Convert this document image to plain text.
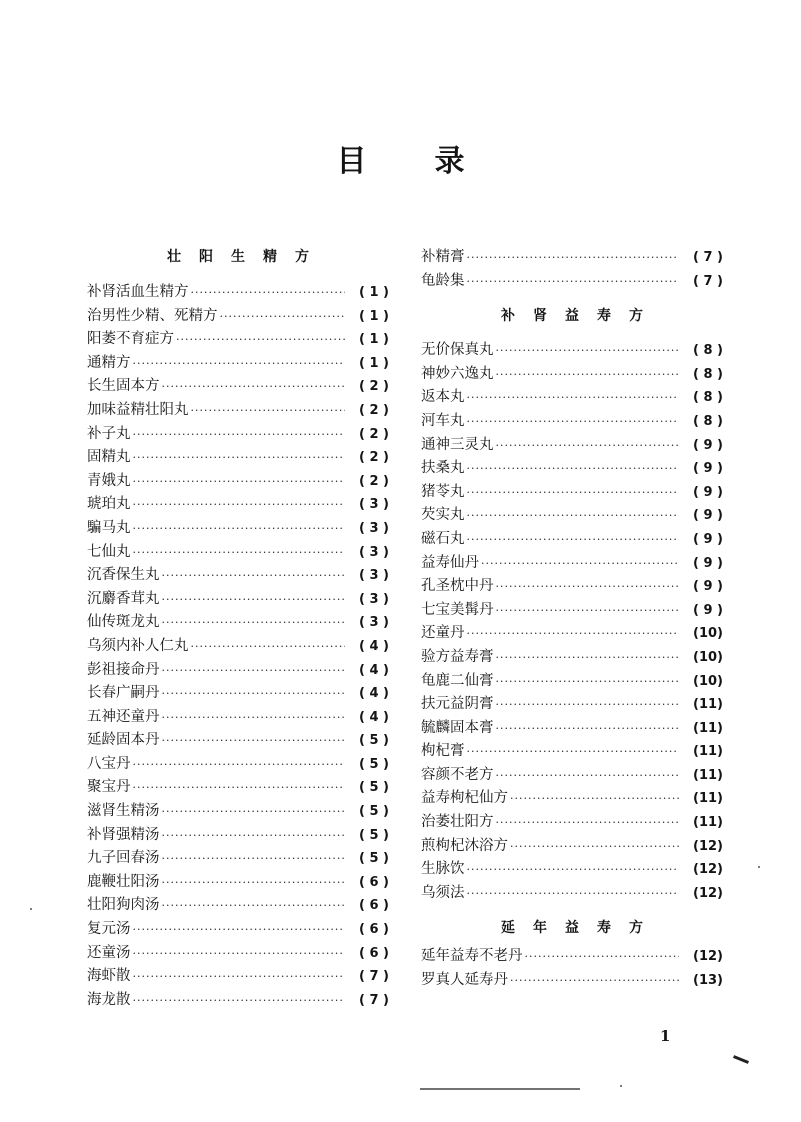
目 录
壮阳生精方
补肾活血生精方 ·····	( 1 )
治男性少精、死精方 ·····	( 1 )
阳萎不育症方 ·····	( 1 )
通精方 ·····	( 1 )
长生固本方 ·····	( 2 )
加味益精壮阳丸 ·····	( 2 )
补子丸 ·····	( 2 )
固精丸 ·····	( 2 )
青娥丸 ·····	( 2 )
琥珀丸 ·····	( 3 )
騙马丸 ·····	( 3 )
七仙丸 ·····	( 3 )
沉香保生丸 ·····	( 3 )
沉麝香茸丸 ·····	( 3 )
仙传斑龙丸 ·····	( 3 )
乌须内补人仁丸 ·····	( 4 )
彭祖接命丹 ·····	( 4 )
长春广嗣丹 ·····	( 4 )
五神还童丹 ·····	( 4 )
延龄固本丹 ·····	( 5 )
八宝丹 ·····	( 5 )
聚宝丹 ·····	( 5 )
滋肾生精汤 ·····	( 5 )
补肾强精汤 ·····	( 5 )
九子回春汤 ·····	( 5 )
鹿鞭壮阳汤 ·····	( 6 )
壮阳狗肉汤 ·····	( 6 )
复元汤 ·····	( 6 )
还童汤 ·····	( 6 )
海虾散 ·····	( 7 )
海龙散 ·····	( 7 )
补精膏 ·····	( 7 )
龟龄集 ·····	( 7 )
补肾益寿方
无价保真丸 ·····	( 8 )
神妙六逸丸 ·····	( 8 )
返本丸 ·····	( 8 )
河车丸 ·····	( 8 )
通神三灵丸 ·····	( 9 )
扶桑丸 ·····	( 9 )
猪苓丸 ·····	( 9 )
芡实丸 ·····	( 9 )
磁石丸 ·····	( 9 )
益寿仙丹 ·····	( 9 )
孔圣枕中丹 ·····	( 9 )
七宝美髯丹 ·····	( 9 )
还童丹 ·····	(10)
验方益寿膏 ·····	(10)
龟鹿二仙膏 ·····	(10)
扶元益阴膏 ·····	(11)
毓麟固本膏 ·····	(11)
枸杞膏 ·····	(11)
容颜不老方 ·····	(11)
益寿枸杞仙方 ·····	(11)
治萎壮阳方 ·····	(11)
煎枸杞沐浴方 ·····	(12)
生脉饮 ·····	(12)
乌须法 ·····	(12)
延年益寿方
延年益寿不老丹 ·····	(12)
罗真人延寿丹 ·····	(13)
1
